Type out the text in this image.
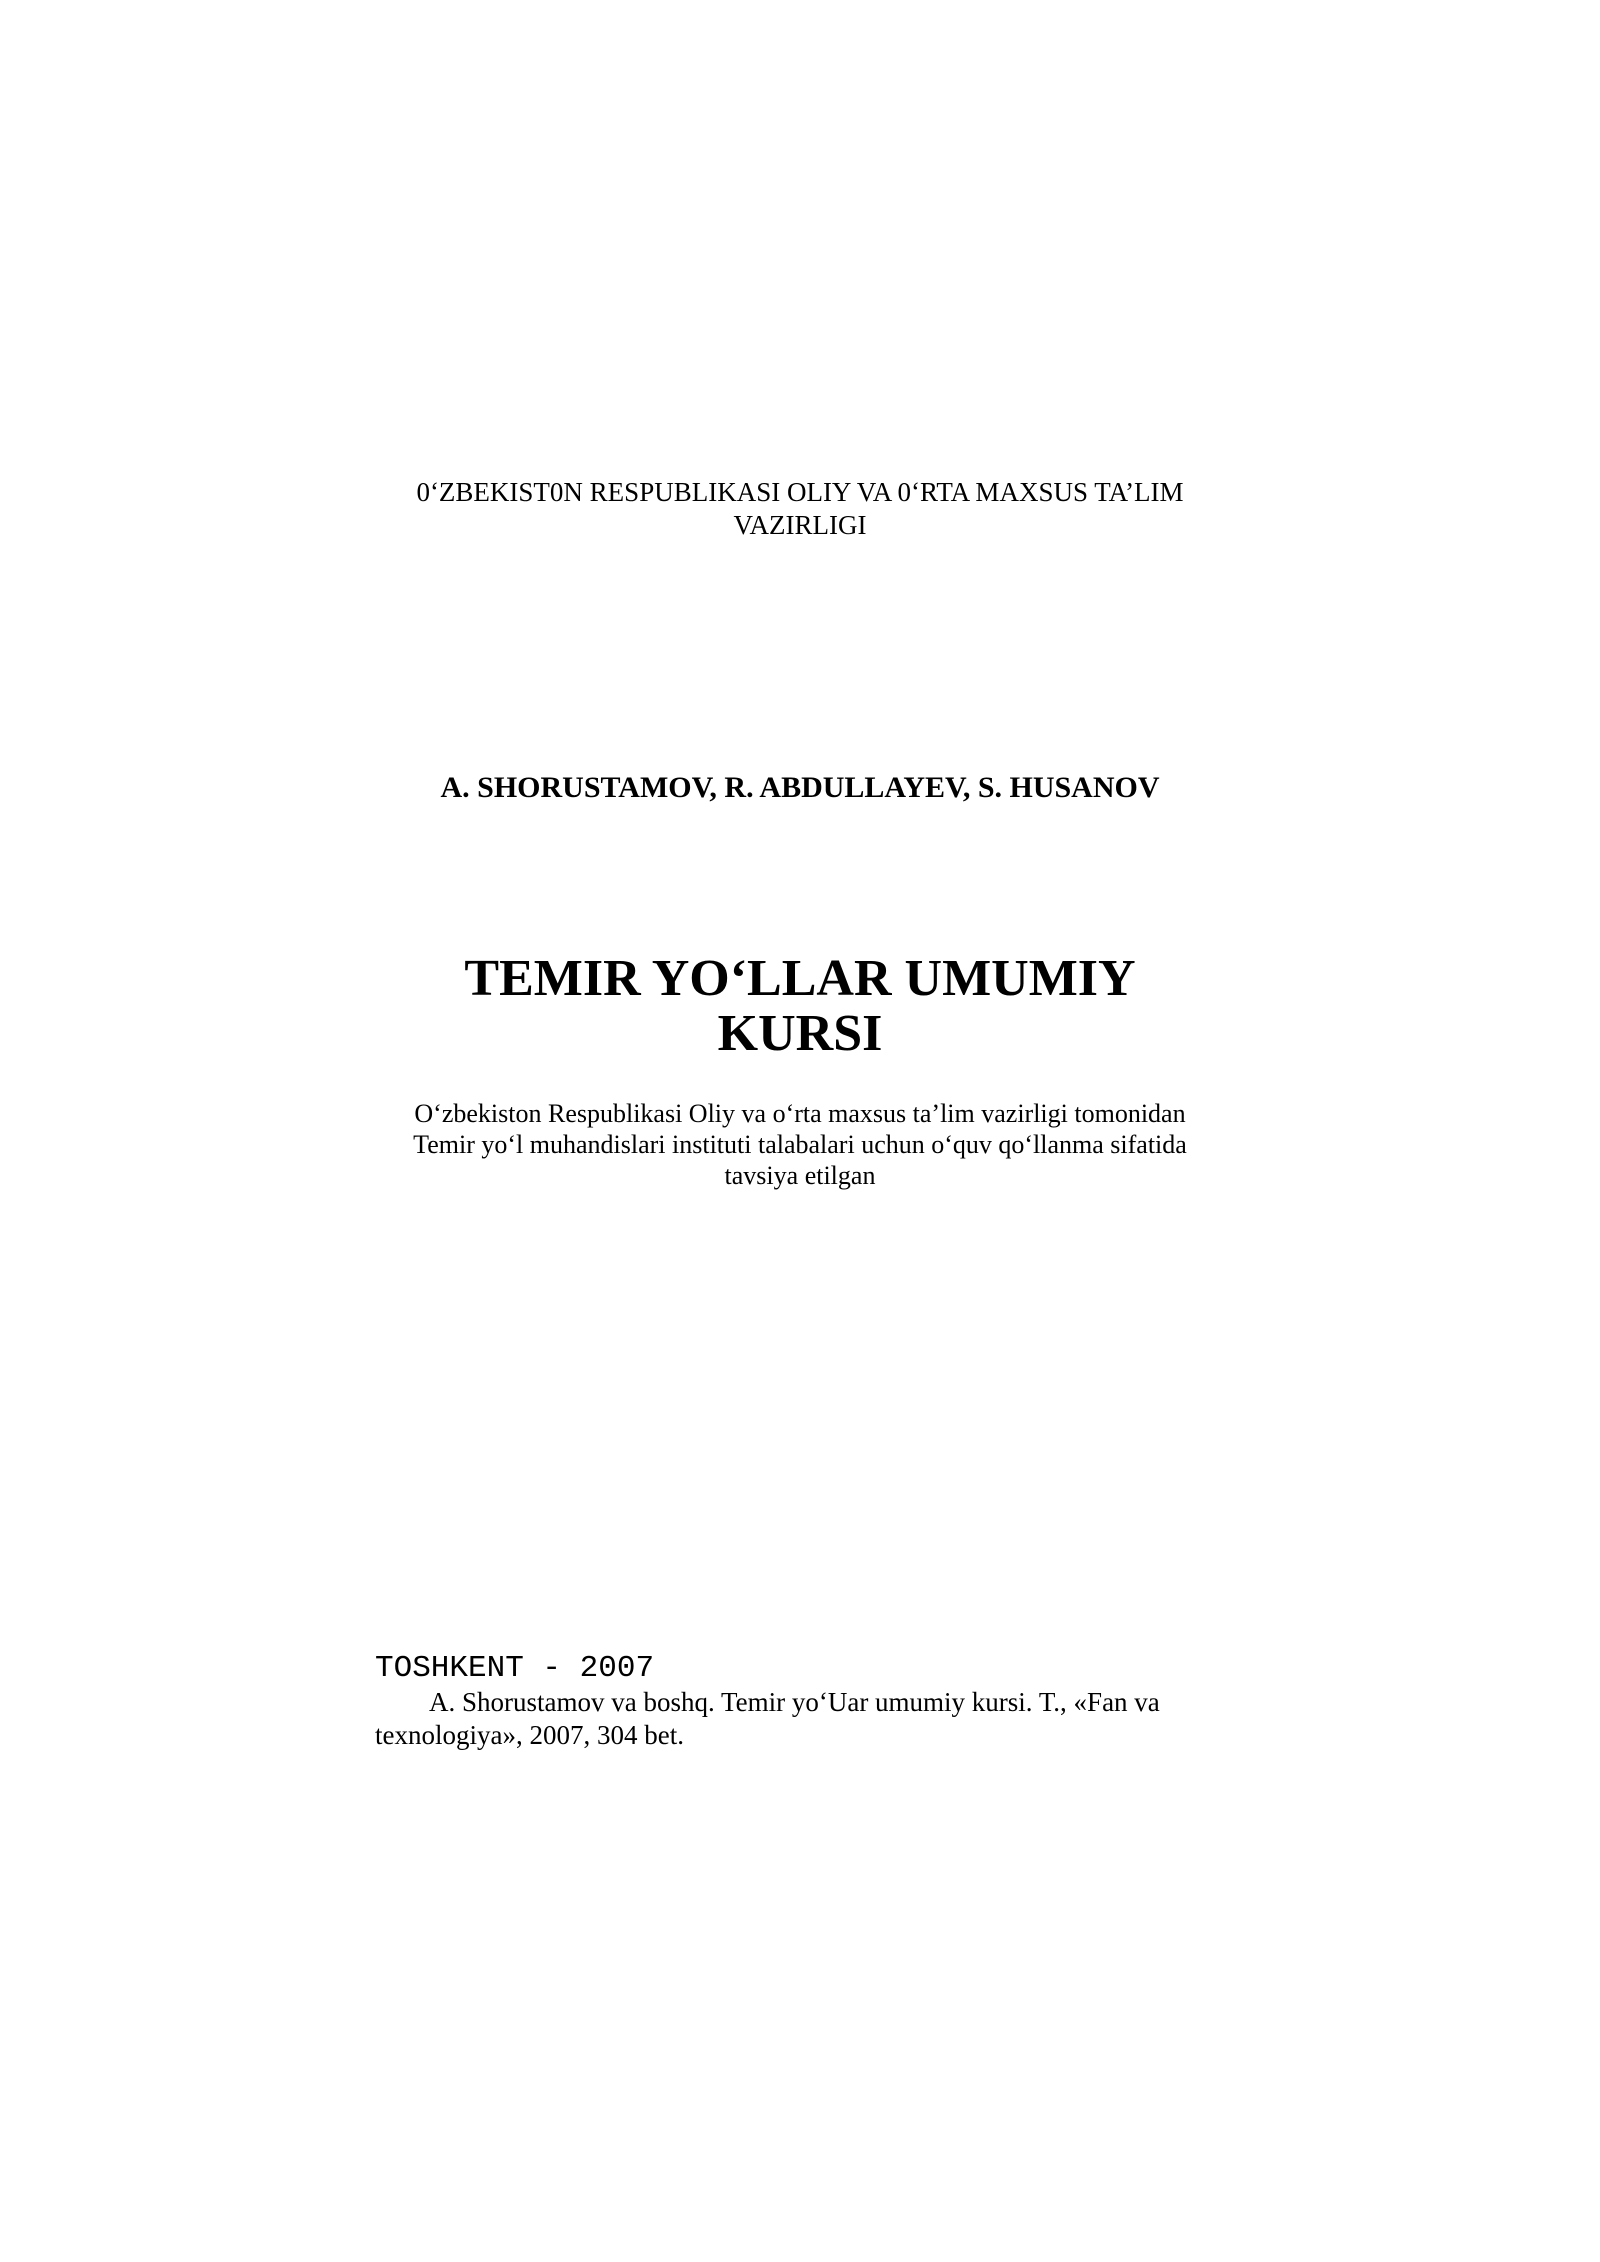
0‘ZBEKIST0N RESPUBLIKASI OLIY VA 0‘RTA MAXSUS TA’LIM
VAZIRLIGI
A. SHORUSTAMOV, R. ABDULLAYEV, S. HUSANOV
TEMIR YO‘LLAR UMUMIY
KURSI
O‘zbekiston Respublikasi Oliy va o‘rta maxsus ta’lim vazirligi tomonidan
Temir yo‘l muhandislari instituti talabalari uchun o‘quv qo‘llanma sifatida
tavsiya etilgan
TOSHKENT - 2007
A. Shorustamov va boshq. Temir yo‘Uar umumiy kursi. T., «Fan va
texnologiya», 2007, 304 bet.
